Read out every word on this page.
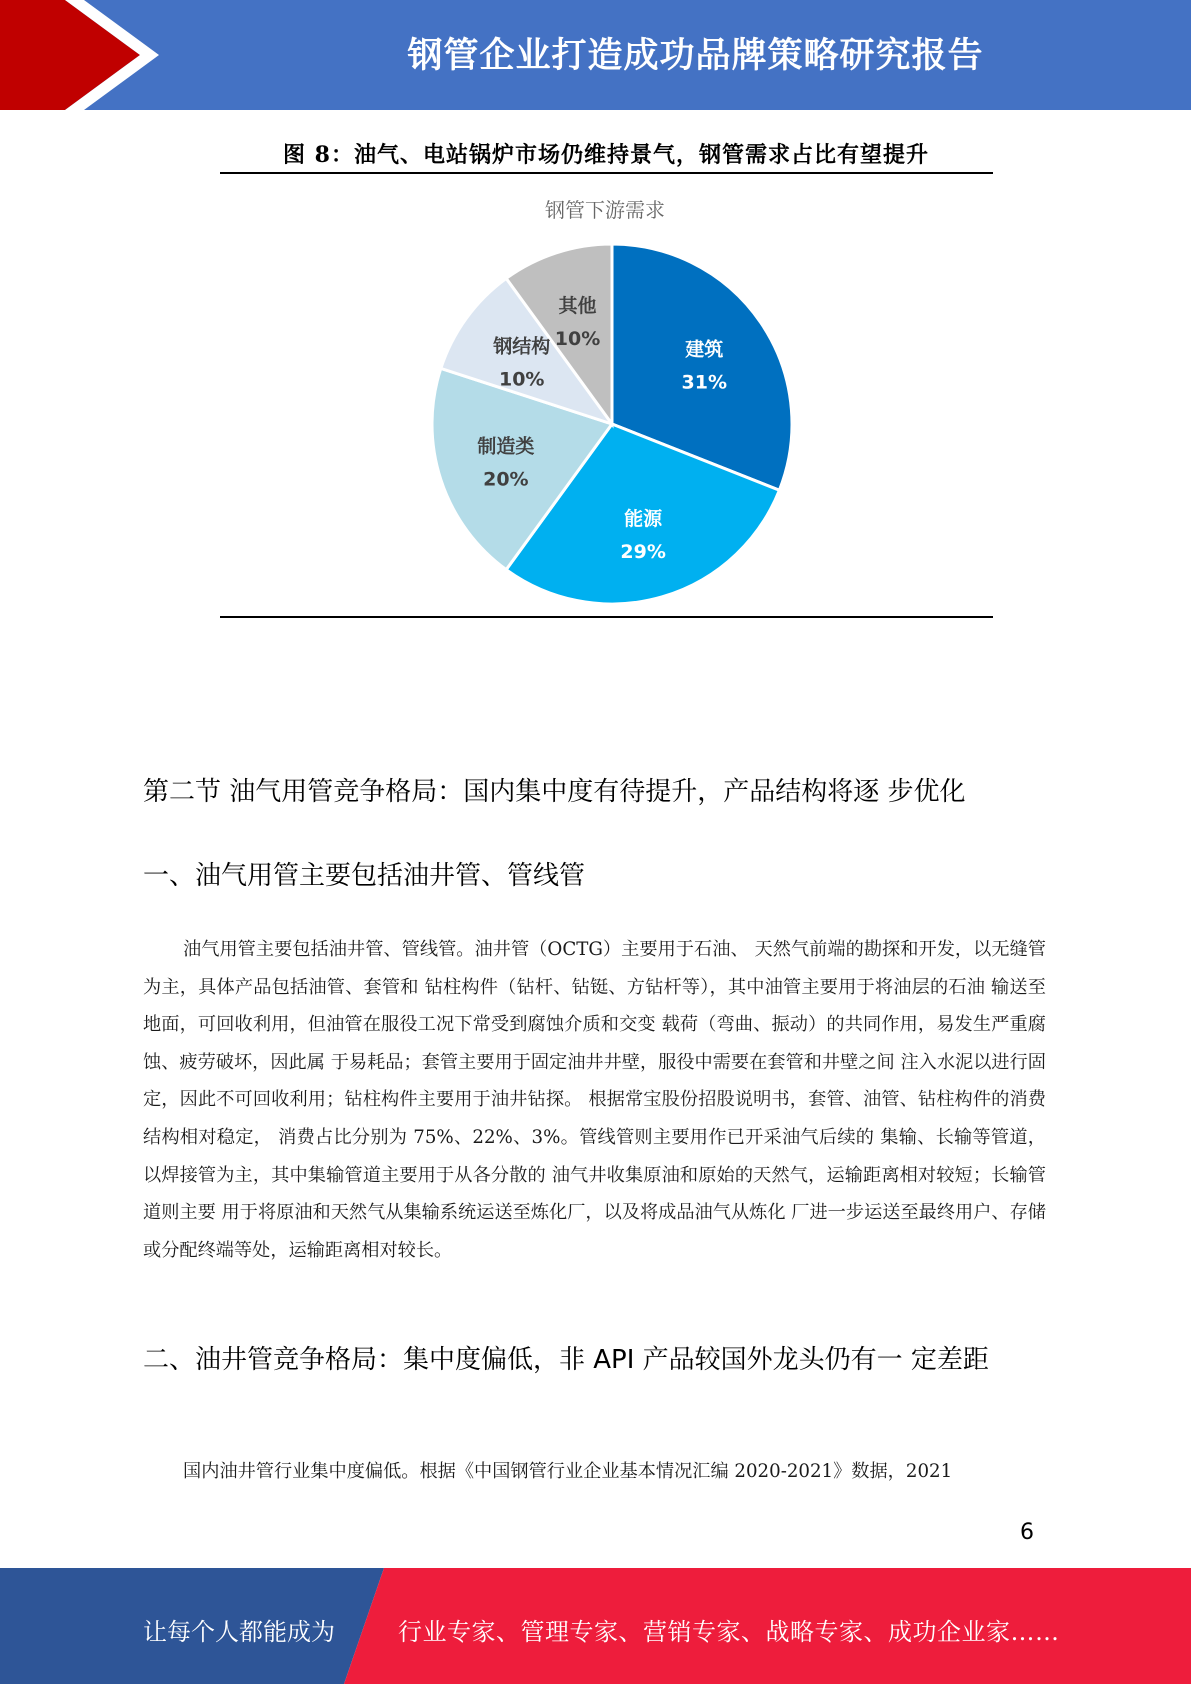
钢管企业打造成功品牌策略研究报告
图 8：油气、电站锅炉市场仍维持景气，钢管需求占比有望提升
钢管下游需求
建筑
31%
能源
29%
制造类
20%
钢结构
10%
其他
10%
第二节 油气用管竞争格局：国内集中度有待提升，产品结构将逐 步优化
一、油气用管主要包括油井管、管线管
油气用管主要包括油井管、管线管。油井管（OCTG）主要用于石油、 天然气前端的勘探和开发，以无缝管为主，具体产品包括油管、套管和 钻柱构件（钻杆、钻铤、方钻杆等），其中油管主要用于将油层的石油 输送至地面，可回收利用，但油管在服役工况下常受到腐蚀介质和交变 载荷（弯曲、振动）的共同作用，易发生严重腐蚀、疲劳破坏，因此属 于易耗品；套管主要用于固定油井井壁，服役中需要在套管和井壁之间 注入水泥以进行固定，因此不可回收利用；钻柱构件主要用于油井钻探。 根据常宝股份招股说明书，套管、油管、钻柱构件的消费结构相对稳定， 消费占比分别为 75%、22%、3%。管线管则主要用作已开采油气后续的 集输、长输等管道，以焊接管为主，其中集输管道主要用于从各分散的 油气井收集原油和原始的天然气，运输距离相对较短；长输管道则主要 用于将原油和天然气从集输系统运送至炼化厂，以及将成品油气从炼化 厂进一步运送至最终用户、存储或分配终端等处，运输距离相对较长。
二、油井管竞争格局：集中度偏低，非 API 产品较国外龙头仍有一 定差距
国内油井管行业集中度偏低。根据《中国钢管行业企业基本情况汇编 2020-2021》数据，2021
6
让每个人都能成为	行业专家、管理专家、营销专家、战略专家、成功企业家……
